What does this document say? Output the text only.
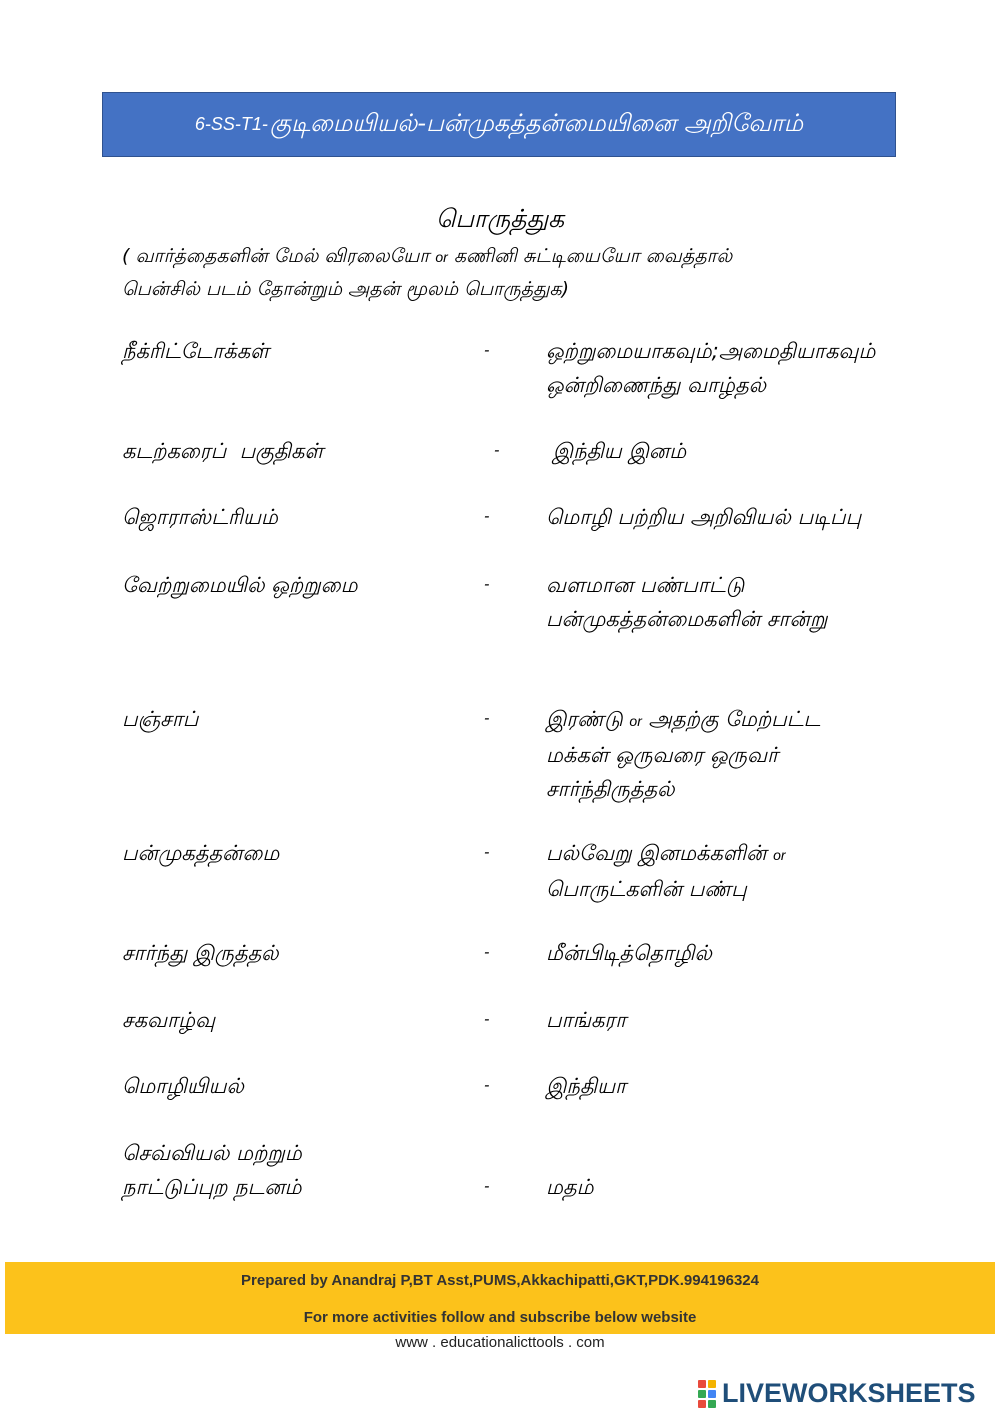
6-SS-T1- குடிமையியல்-பன்முகத்தன்மையினை அறிவோம்
பொருத்துக
( வார்த்தைகளின் மேல் விரலையோ or கணினி சுட்டியையோ வைத்தால்
பென்சில் படம் தோன்றும் அதன் மூலம் பொருத்துக)
நீக்ரிட்டோக்கள்	-	ஒற்றுமையாகவும்;அமைதியாகவும்
ஒன்றிணைந்து வாழ்தல்
கடற்கரைப்  பகுதிகள்	-	இந்திய இனம்
ஜொராஸ்ட்ரியம்	-	மொழி பற்றிய அறிவியல் படிப்பு
வேற்றுமையில் ஒற்றுமை	-	வளமான பண்பாட்டு
பன்முகத்தன்மைகளின் சான்று
பஞ்சாப்	-	இரண்டு or அதற்கு மேற்பட்ட
மக்கள் ஒருவரை ஒருவர்
சார்ந்திருத்தல்
பன்முகத்தன்மை	-	பல்வேறு இனமக்களின் or
பொருட்களின் பண்பு
சார்ந்து இருத்தல்	-	மீன்பிடித்தொழில்
சகவாழ்வு	-	பாங்கரா
மொழியியல்	-	இந்தியா
செவ்வியல் மற்றும்
நாட்டுப்புற நடனம்	-	மதம்
Prepared by Anandraj P,BT Asst,PUMS,Akkachipatti,GKT,PDK.994196324
For more activities follow and subscribe below website
www . educationalicttools . com
LIVEWORKSHEETS
